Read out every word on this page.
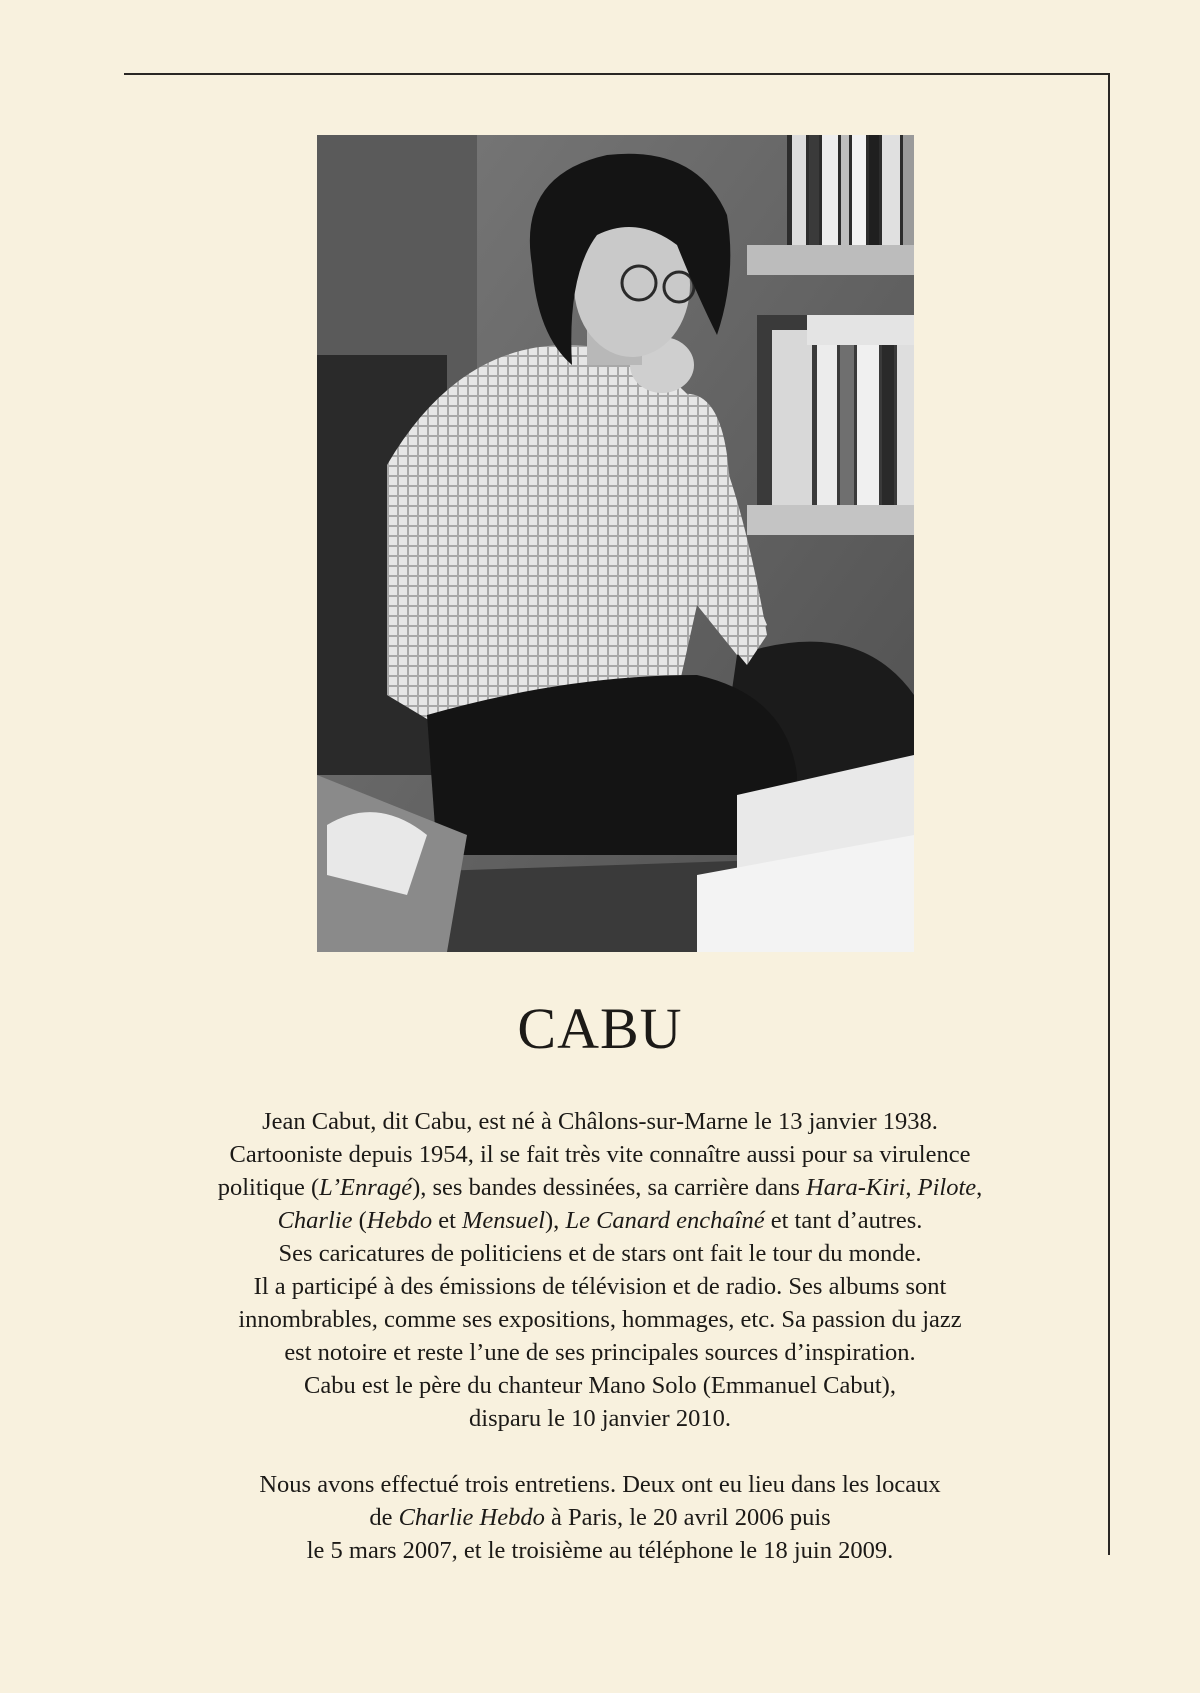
CABU

Jean Cabut, dit Cabu, est né à Châlons-sur-Marne le 13 janvier 1938.
Cartooniste depuis 1954, il se fait très vite connaître aussi pour sa virulence
politique (L’Enragé), ses bandes dessinées, sa carrière dans Hara-Kiri, Pilote,
Charlie (Hebdo et Mensuel), Le Canard enchaîné et tant d’autres.
Ses caricatures de politiciens et de stars ont fait le tour du monde.
Il a participé à des émissions de télévision et de radio. Ses albums sont
innombrables, comme ses expositions, hommages, etc. Sa passion du jazz
est notoire et reste l’une de ses principales sources d’inspiration.
Cabu est le père du chanteur Mano Solo (Emmanuel Cabut),
disparu le 10 janvier 2010.

Nous avons effectué trois entretiens. Deux ont eu lieu dans les locaux
de Charlie Hebdo à Paris, le 20 avril 2006 puis
le 5 mars 2007, et le troisième au téléphone le 18 juin 2009.
